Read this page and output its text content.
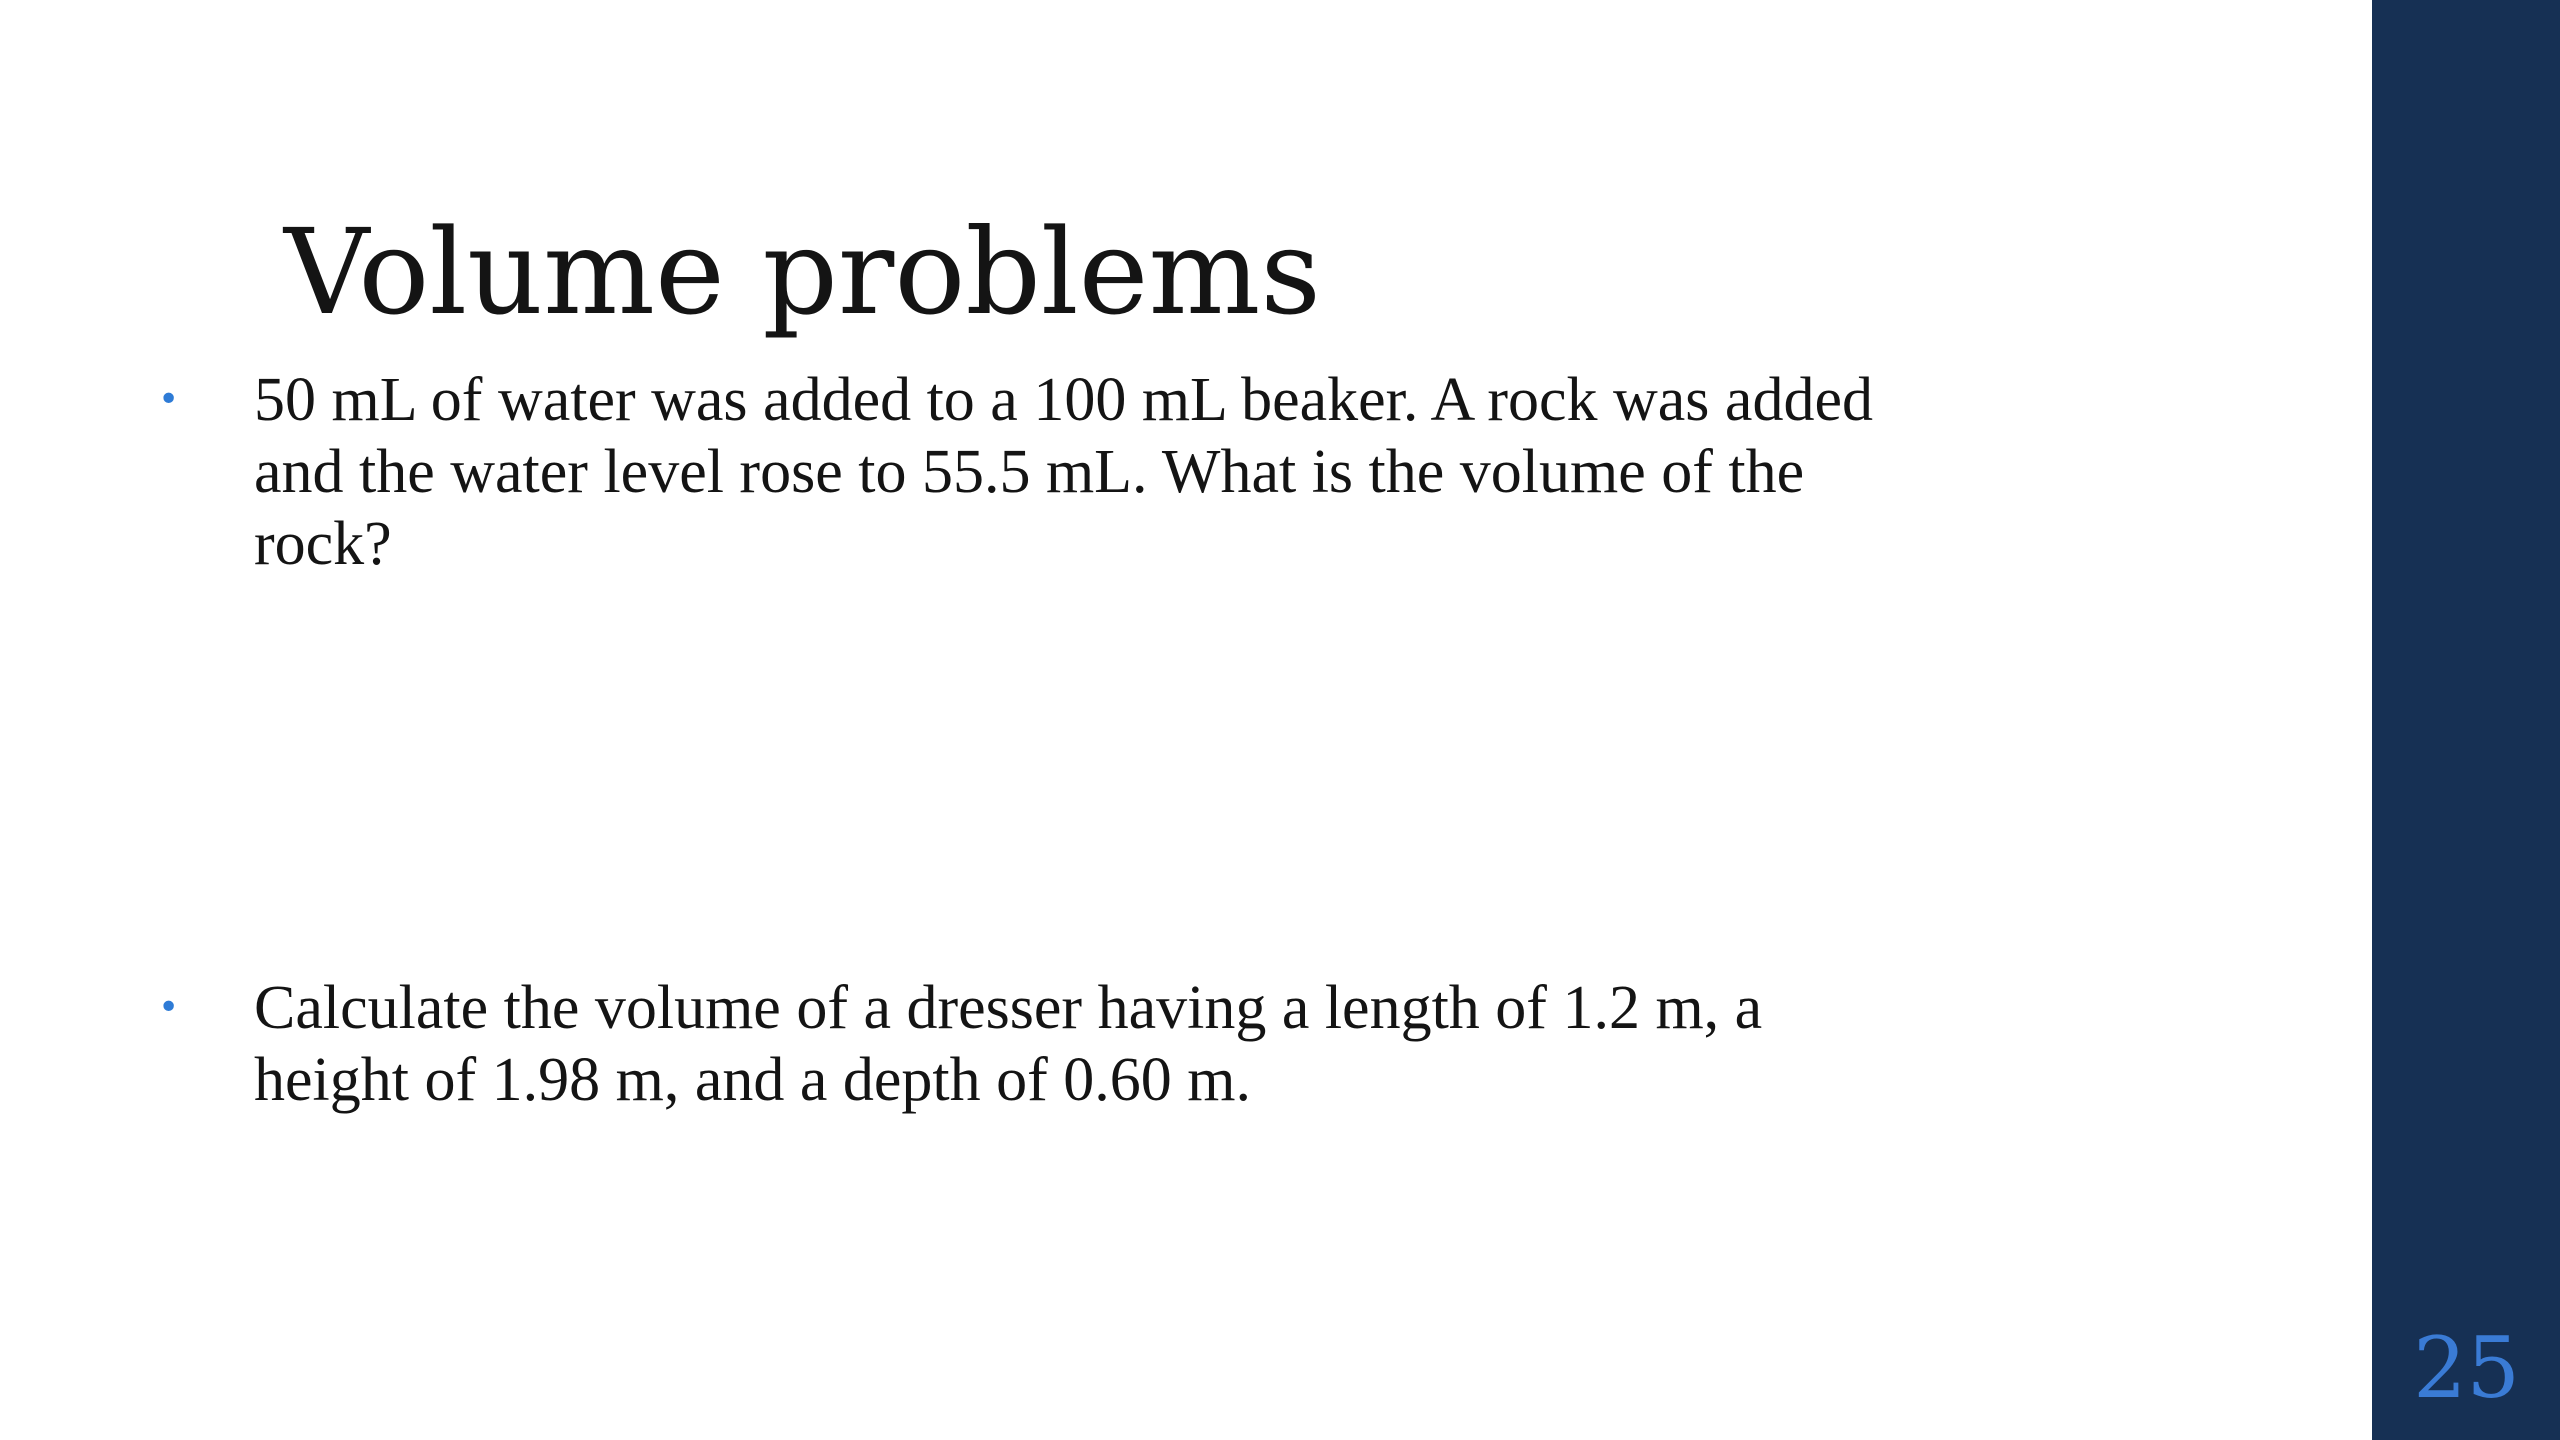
Volume problems
•	50 mL of water was added to a 100 mL beaker. A rock was added and the water level rose to 55.5 mL. What is the volume of the rock?
•	Calculate the volume of a dresser having a length of 1.2 m, a height of 1.98 m, and a depth of 0.60 m.
25
